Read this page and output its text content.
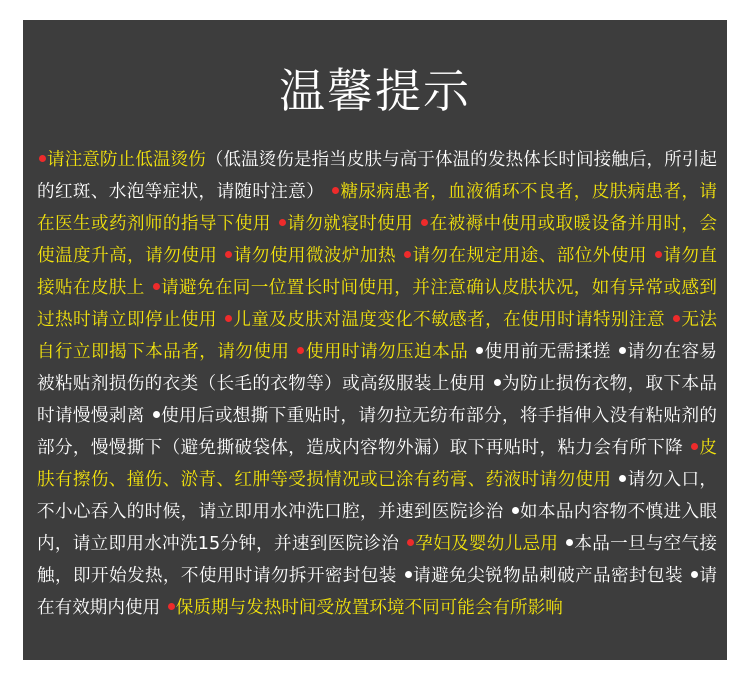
温馨提示

请注意防止低温烫伤（低温烫伤是指当皮肤与高于体温的发热体长时间接触后，所引起的红斑、水泡等症状，请随时注意） 糖尿病患者，血液循环不良者，皮肤病患者，请在医生或药剂师的指导下使用 请勿就寝时使用 在被褥中使用或取暖设备并用时，会使温度升高，请勿使用 请勿使用微波炉加热 请勿在规定用途、部位外使用 请勿直接贴在皮肤上 请避免在同一位置长时间使用，并注意确认皮肤状况，如有异常或感到过热时请立即停止使用 儿童及皮肤对温度变化不敏感者，在使用时请特别注意 无法自行立即揭下本品者，请勿使用 使用时请勿压迫本品 使用前无需揉搓 请勿在容易被粘贴剂损伤的衣类（长毛的衣物等）或高级服装上使用 为防止损伤衣物，取下本品时请慢慢剥离 使用后或想撕下重贴时，请勿拉无纺布部分，将手指伸入没有粘贴剂的部分，慢慢撕下（避免撕破袋体，造成内容物外漏）取下再贴时，粘力会有所下降 皮肤有擦伤、撞伤、淤青、红肿等受损情况或已涂有药膏、药液时请勿使用 请勿入口，不小心吞入的时候，请立即用水冲洗口腔，并速到医院诊治 如本品内容物不慎进入眼内，请立即用水冲洗15分钟，并速到医院诊治 孕妇及婴幼儿忌用 本品一旦与空气接触，即开始发热，不使用时请勿拆开密封包装 请避免尖锐物品刺破产品密封包装 请在有效期内使用 保质期与发热时间受放置环境不同可能会有所影响
